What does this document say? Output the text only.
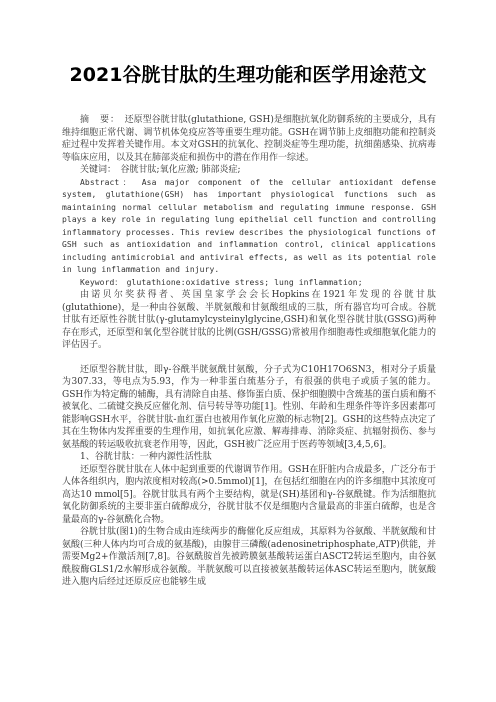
2021谷胱甘肽的生理功能和医学用途范文

摘　要：　 还原型谷胱甘肽(glutathione, GSH)是细胞抗氧化防御系统的主要成分，具有维持细胞正常代谢、调节机体免疫应答等重要生理功能。GSH在调节肺上皮细胞功能和控制炎症过程中发挥着关键作用。本文对GSH的抗氧化、控制炎症等生理功能，抗细菌感染、抗病毒等临床应用，以及其在肺部炎症和损伤中的潜在作用作一综述。

关键词：　 谷胱甘肽;氧化应激; 肺部炎症;

Abstract：　 Asa major component of the cellular antioxidant defense system, glutathione(GSH) has important physiological functions such as maintaining normal cellular metabolism and regulating immune response. GSH plays a key role in regulating lung epithelial cell function and controlling inflammatory processes. This review describes the physiological functions of GSH such as antioxidation and inflammation control, clinical applications including antimicrobial and antiviral effects, as well as its potential role in lung inflammation and injury.

Keyword：　 glutathione:oxidative stress; lung inflammation;

由诺贝尔奖获得者、英国皇家学会会长Hopkins在1921年发现的谷胱甘肽(glutathione)，是一种由谷氨酸、半胱氨酸和甘氨酸组成的三肽，所有器官均可合成。谷胱甘肽有还原性谷胱甘肽(γ-glutamylcysteinylglycine,GSH)和氧化型谷胱甘肽(GSSG)两种存在形式，还原型和氧化型谷胱甘肽的比例(GSH/GSSG)常被用作细胞毒性或细胞氧化能力的评估因子。

还原型谷胱甘肽，即γ-谷酰半胱氨酰甘氨酸，分子式为C10H17O6SN3，相对分子质量为307.33，等电点为5.93，作为一种非蛋白巯基分子，有很强的供电子或质子氢的能力。GSH作为特定酶的辅酶，具有清除自由基、修饰蛋白质、保护细胞膜中含巯基的蛋白质和酶不被氧化、二硫键交换反应催化剂、信号转导等功能[1]。性别、年龄和生理条件等许多因素都可能影响GSH水平，谷胱甘肽-血红蛋白也被用作氧化应激的标志物[2]。GSH的这些特点决定了其在生物体内发挥重要的生理作用，如抗氧化应激、解毒排毒、消除炎症、抗辐射损伤、参与氨基酸的转运吸收抗衰老作用等，因此，GSH被广泛应用于医药等领域[3,4,5,6]。

1、谷胱甘肽：一种内源性活性肽

还原型谷胱甘肽在人体中起到重要的代谢调节作用。GSH在肝脏内合成最多，广泛分布于人体各组织内，胞内浓度相对较高(>0.5mmol)[1]，在包括红细胞在内的许多细胞中其浓度可高达10 mmol[5]。谷胱甘肽具有两个主要结构，就是(SH)基团和γ-谷氨酰键。作为活细胞抗氧化防御系统的主要非蛋白硫醇成分，谷胱甘肽不仅是细胞内含量最高的非蛋白硫醇，也是含量最高的γ-谷氨酰化合物。

谷胱甘肽(图1)的生物合成由连续两步的酶催化反应组成，其原料为谷氨酸、半胱氨酸和甘氨酸(三种人体内均可合成的氨基酸)，由腺苷三磷酸(adenosinetriphosphate,ATP)供能，并需要Mg2+作激活剂[7,8]。谷氨酰胺首先被跨膜氨基酸转运蛋白ASCT2转运至胞内，由谷氨酰胺酶GLS1/2水解形成谷氨酸。半胱氨酸可以直接被氨基酸转运体ASC转运至胞内，胱氨酸进入胞内后经过还原反应也能够生成
